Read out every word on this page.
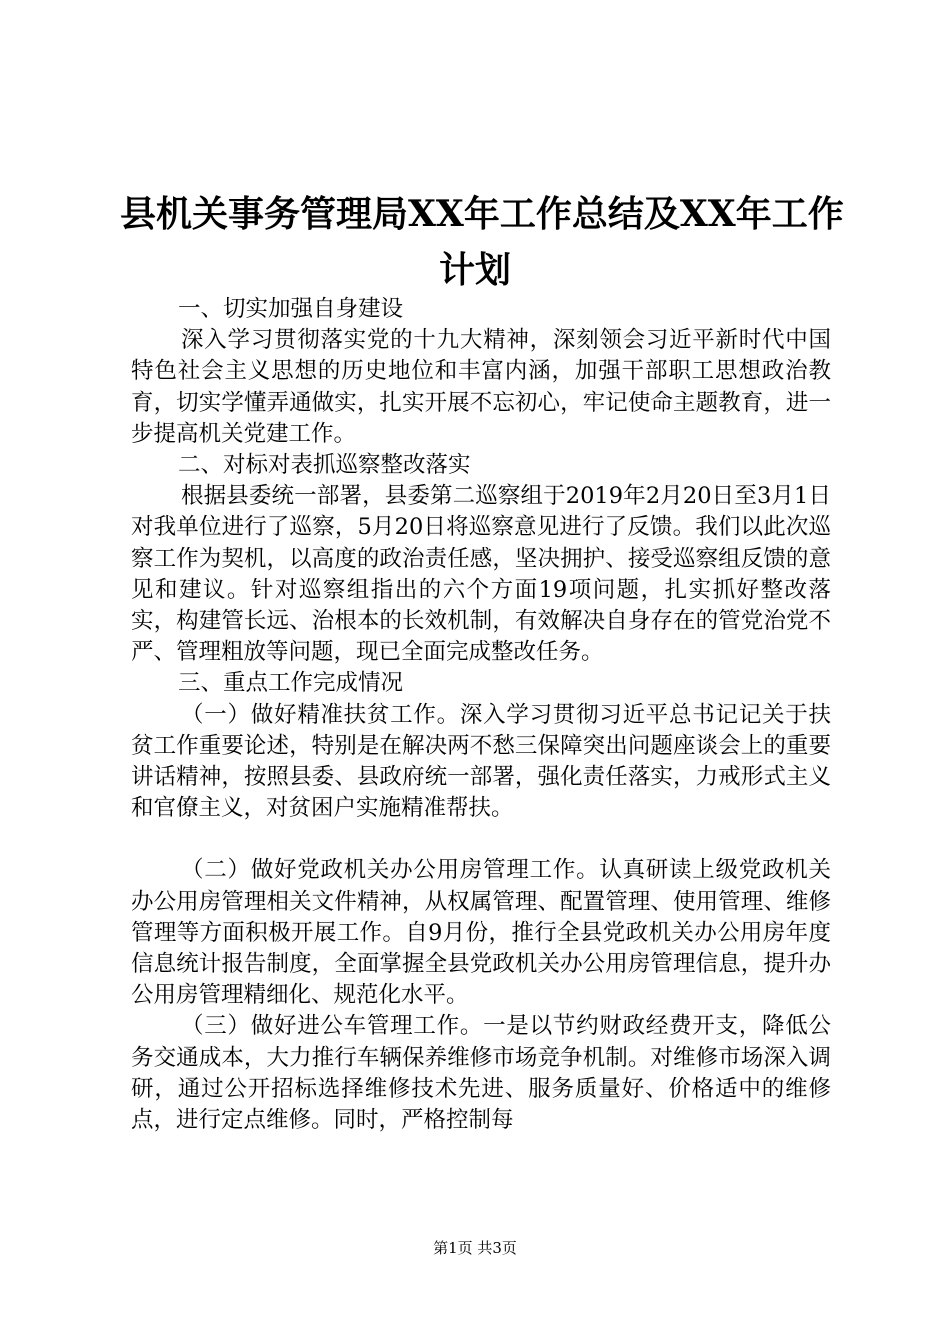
县机关事务管理局XX年工作总结及XX年工作
计划

一、切实加强自身建设

深入学习贯彻落实党的十九大精神，深刻领会习近平新时代中国特色社会主义思想的历史地位和丰富内涵，加强干部职工思想政治教育，切实学懂弄通做实，扎实开展不忘初心，牢记使命主题教育，进一步提高机关党建工作。

二、对标对表抓巡察整改落实

根据县委统一部署，县委第二巡察组于2019年2月20日至3月1日对我单位进行了巡察，5月20日将巡察意见进行了反馈。我们以此次巡察工作为契机，以高度的政治责任感，坚决拥护、接受巡察组反馈的意见和建议。针对巡察组指出的六个方面19项问题，扎实抓好整改落实，构建管长远、治根本的长效机制，有效解决自身存在的管党治党不严、管理粗放等问题，现已全面完成整改任务。

三、重点工作完成情况

（一）做好精准扶贫工作。深入学习贯彻习近平总书记记关于扶贫工作重要论述，特别是在解决两不愁三保障突出问题座谈会上的重要讲话精神，按照县委、县政府统一部署，强化责任落实，力戒形式主义和官僚主义，对贫困户实施精准帮扶。

（二）做好党政机关办公用房管理工作。认真研读上级党政机关办公用房管理相关文件精神，从权属管理、配置管理、使用管理、维修管理等方面积极开展工作。自9月份，推行全县党政机关办公用房年度信息统计报告制度，全面掌握全县党政机关办公用房管理信息，提升办公用房管理精细化、规范化水平。

（三）做好进公车管理工作。一是以节约财政经费开支，降低公务交通成本，大力推行车辆保养维修市场竞争机制。对维修市场深入调研，通过公开招标选择维修技术先进、服务质量好、价格适中的维修点，进行定点维修。同时，严格控制每

第1页 共3页
